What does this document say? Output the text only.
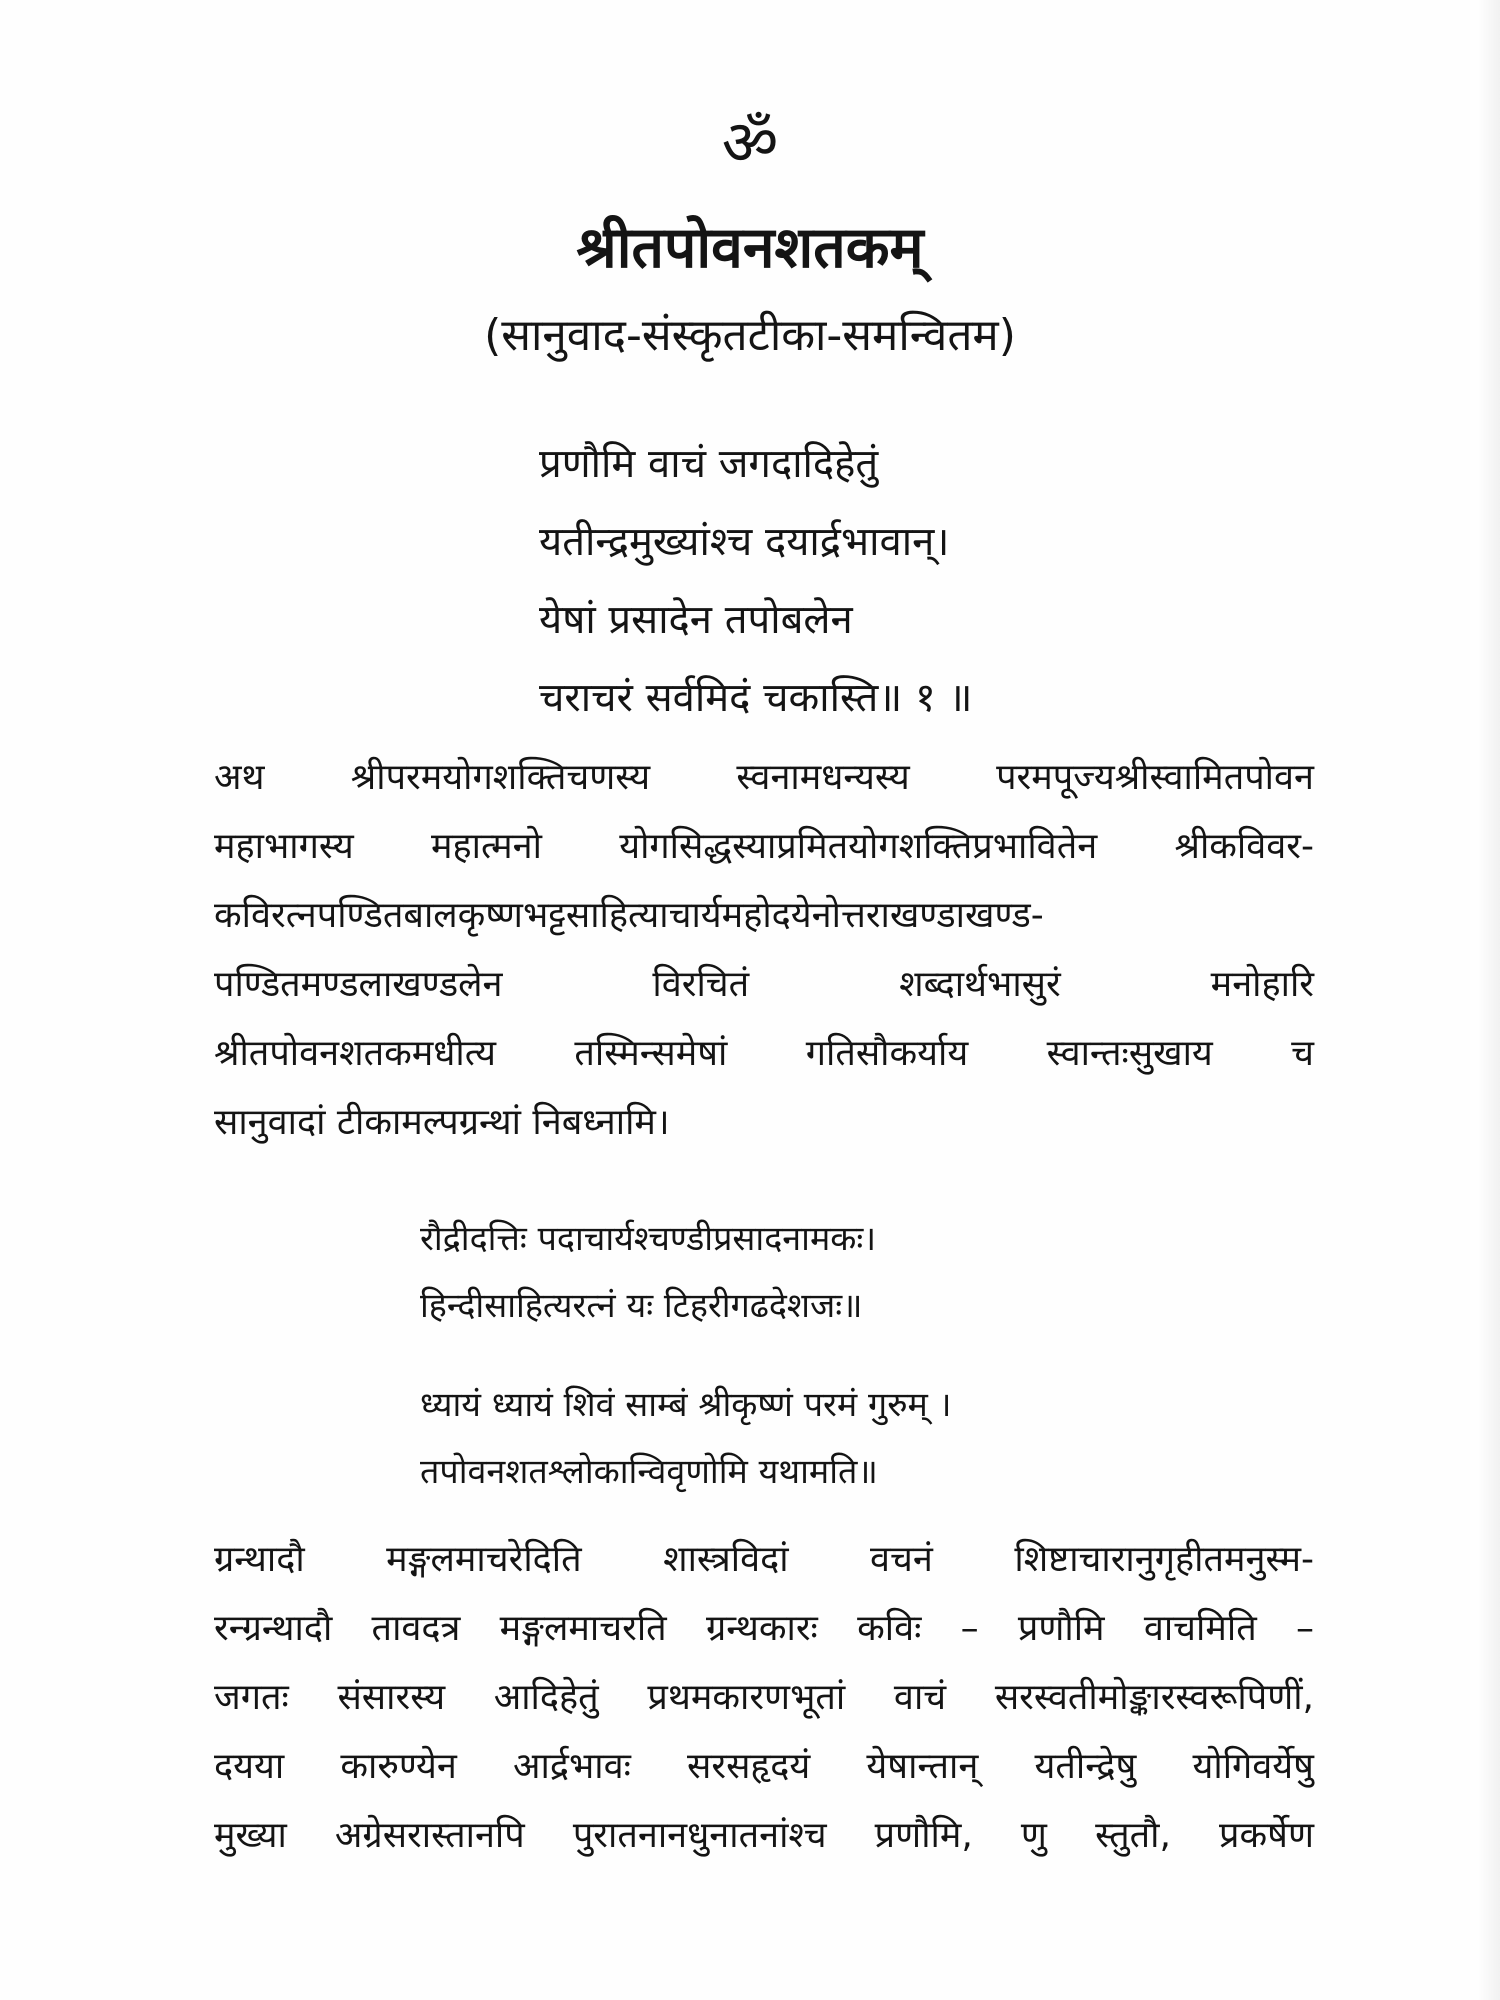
ॐ
श्रीतपोवनशतकम्
(सानुवाद-संस्कृतटीका-समन्वितम)
प्रणौमि वाचं जगदादिहेतुं
यतीन्द्रमुख्यांश्च दयार्द्रभावान्।
येषां प्रसादेन तपोबलेन
चराचरं सर्वमिदं चकास्ति॥ १ ॥
अथ श्रीपरमयोगशक्तिचणस्य स्वनामधन्यस्य परमपूज्यश्रीस्वामितपोवन
महाभागस्य महात्मनो योगसिद्धस्याप्रमितयोगशक्तिप्रभावितेन श्रीकविवर-
कविरत्नपण्डितबालकृष्णभट्टसाहित्याचार्यमहोदयेनोत्तराखण्डाखण्ड-
पण्डितमण्डलाखण्डलेन विरचितं शब्दार्थभासुरं मनोहारि
श्रीतपोवनशतकमधीत्य तस्मिन्समेषां गतिसौकर्याय स्वान्तःसुखाय च
सानुवादां टीकामल्पग्रन्थां निबध्नामि।
रौद्रीदत्तिः पदाचार्यश्चण्डीप्रसादनामकः।
हिन्दीसाहित्यरत्नं यः टिहरीगढदेशजः॥
ध्यायं ध्यायं शिवं साम्बं श्रीकृष्णं परमं गुरुम् ।
तपोवनशतश्लोकान्विवृणोमि यथामति॥
ग्रन्थादौ मङ्गलमाचरेदिति शास्त्रविदां वचनं शिष्टाचारानुगृहीतमनुस्म-
रन्ग्रन्थादौ तावदत्र मङ्गलमाचरति ग्रन्थकारः कविः – प्रणौमि वाचमिति –
जगतः संसारस्य आदिहेतुं प्रथमकारणभूतां वाचं सरस्वतीमोङ्कारस्वरूपिणीं,
दयया कारुण्येन आर्द्रभावः सरसहृदयं येषान्तान् यतीन्द्रेषु योगिवर्येषु
मुख्या अग्रेसरास्तानपि पुरातनानधुनातनांश्च प्रणौमि, णु स्तुतौ, प्रकर्षेण
